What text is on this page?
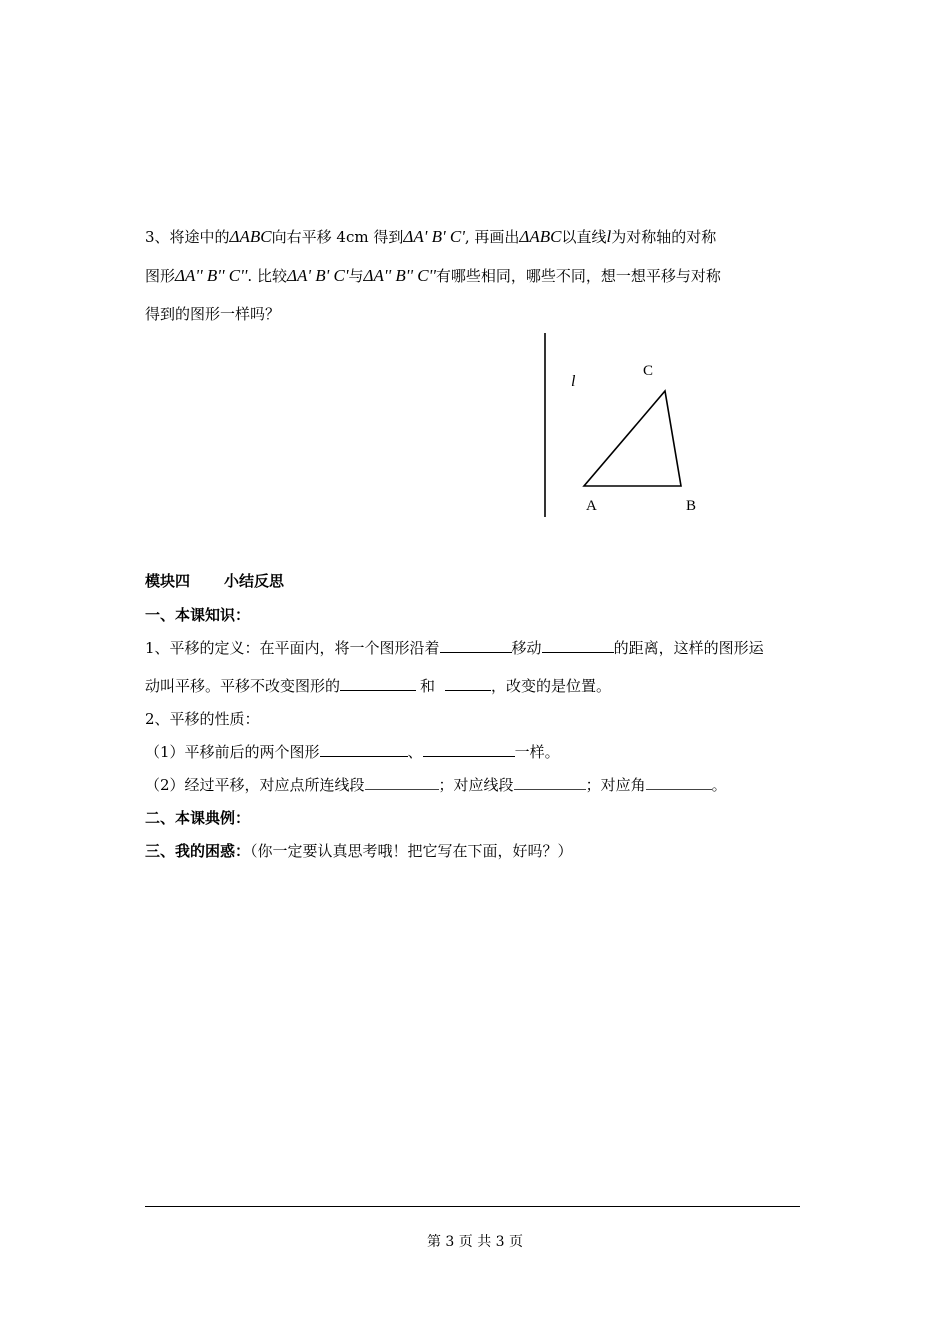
3、将途中的ΔABC向右平移 4cm 得到ΔA' B' C', 再画出ΔABC以直线l为对称轴的对称
图形ΔA'' B'' C''. 比较ΔA' B' C'与ΔA'' B'' C''有哪些相同，哪些不同，想一想平移与对称
得到的图形一样吗？
l
C
A	B
模块四 小结反思
一、本课知识：
1、平移的定义：在平面内，将一个图形沿着	移动	的距离，这样的图形运
动叫平移。平移不改变图形的	和	，改变的是位置。
2、平移的性质：
（1）平移前后的两个图形	、	一样。
（2）经过平移，对应点所连线段	；对应线段	；对应角	。
二、本课典例：
三、我的困惑：（你一定要认真思考哦！把它写在下面，好吗？）
第 3 页 共 3 页
